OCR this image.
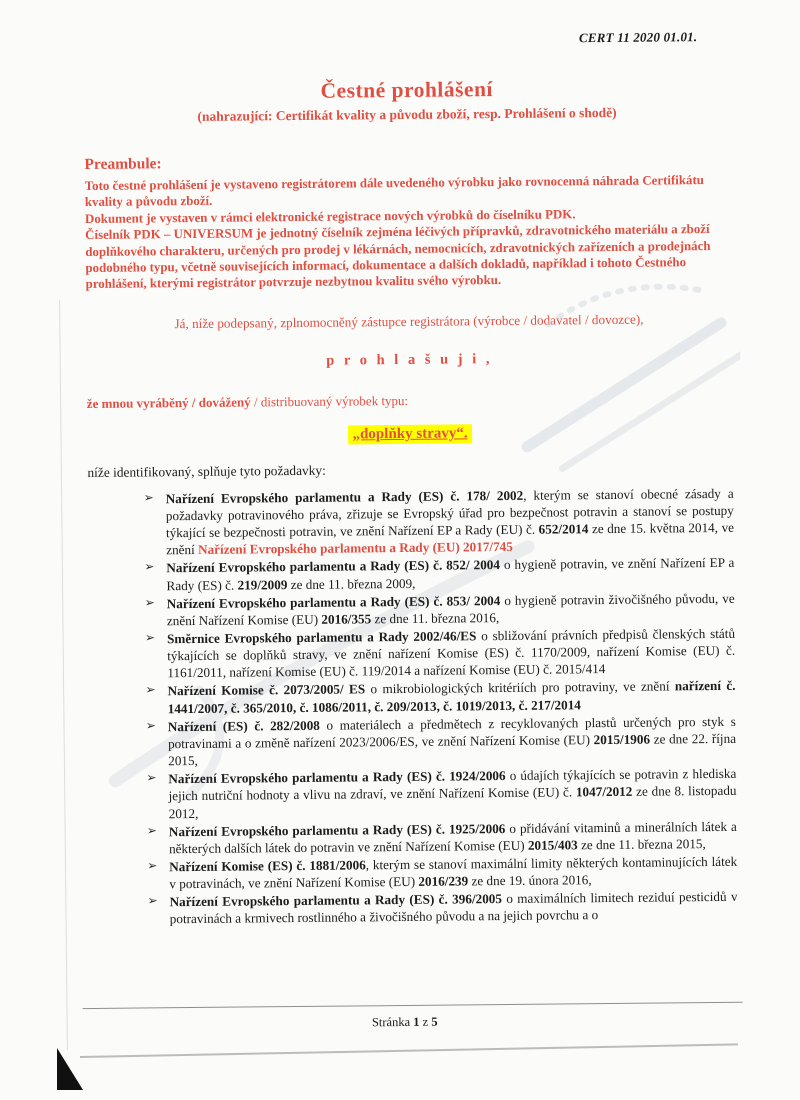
CERT 11 2020 01.01.
Čestné prohlášení
(nahrazující: Certifikát kvality a původu zboží, resp. Prohlášení o shodě)
Preambule:

Toto čestné prohlášení je vystaveno registrátorem dále uvedeného výrobku jako rovnocenná náhrada Certifikátu kvality a původu zboží.

Dokument je vystaven v rámci elektronické registrace nových výrobků do číselníku PDK.

Číselník PDK – UNIVERSUM je jednotný číselník zejména léčivých přípravků, zdravotnického materiálu a zboží doplňkového charakteru, určených pro prodej v lékárnách, nemocnicích, zdravotnických zařízeních a prodejnách podobného typu, včetně souvisejících informací, dokumentace a dalších dokladů, například i tohoto Čestného prohlášení, kterými registrátor potvrzuje nezbytnou kvalitu svého výrobku.

Já, níže podepsaný, zplnomocněný zástupce registrátora (výrobce / dodavatel / dovozce),
p r o h l a š u j i ,
že mnou vyráběný / dovážený / distribuovaný výrobek typu:
„doplňky stravy“.
níže identifikovaný, splňuje tyto požadavky:
➢ Nařízení Evropského parlamentu a Rady (ES) č. 178/ 2002, kterým se stanoví obecné zásady a požadavky potravinového práva, zřizuje se Evropský úřad pro bezpečnost potravin a stanoví se postupy týkající se bezpečnosti potravin, ve znění Nařízení EP a Rady (EU) č. 652/2014 ze dne 15. května 2014, ve znění Nařízení Evropského parlamentu a Rady (EU) 2017/745
➢ Nařízení Evropského parlamentu a Rady (ES) č. 852/ 2004 o hygieně potravin, ve znění Nařízení EP a Rady (ES) č. 219/2009 ze dne 11. března 2009,
➢ Nařízení Evropského parlamentu a Rady (ES) č. 853/ 2004 o hygieně potravin živočišného původu, ve znění Nařízení Komise (EU) 2016/355 ze dne 11. března 2016,
➢ Směrnice Evropského parlamentu a Rady 2002/46/ES o sbližování právních předpisů členských států týkajících se doplňků stravy, ve znění nařízení Komise (ES) č. 1170/2009, nařízení Komise (EU) č. 1161/2011, nařízení Komise (EU) č. 119/2014 a nařízení Komise (EU) č. 2015/414
➢ Nařízení Komise č. 2073/2005/ ES o mikrobiologických kritériích pro potraviny, ve znění nařízení č. 1441/2007, č. 365/2010, č. 1086/2011, č. 209/2013, č. 1019/2013, č. 217/2014
➢ Nařízení (ES) č. 282/2008 o materiálech a předmětech z recyklovaných plastů určených pro styk s potravinami a o změně nařízení 2023/2006/ES, ve znění Nařízení Komise (EU) 2015/1906 ze dne 22. října 2015,
➢ Nařízení Evropského parlamentu a Rady (ES) č. 1924/2006 o údajích týkajících se potravin z hlediska jejich nutriční hodnoty a vlivu na zdraví, ve znění Nařízení Komise (EU) č. 1047/2012 ze dne 8. listopadu 2012,
➢ Nařízení Evropského parlamentu a Rady (ES) č. 1925/2006 o přidávání vitaminů a minerálních látek a některých dalších látek do potravin ve znění Nařízení Komise (EU) 2015/403 ze dne 11. března 2015,
➢ Nařízení Komise (ES) č. 1881/2006, kterým se stanoví maximální limity některých kontaminujících látek v potravinách, ve znění Nařízení Komise (EU) 2016/239 ze dne 19. února 2016,
➢ Nařízení Evropského parlamentu a Rady (ES) č. 396/2005 o maximálních limitech reziduí pesticidů v potravinách a krmivech rostlinného a živočišného původu a na jejich povrchu a o
Stránka 1 z 5
